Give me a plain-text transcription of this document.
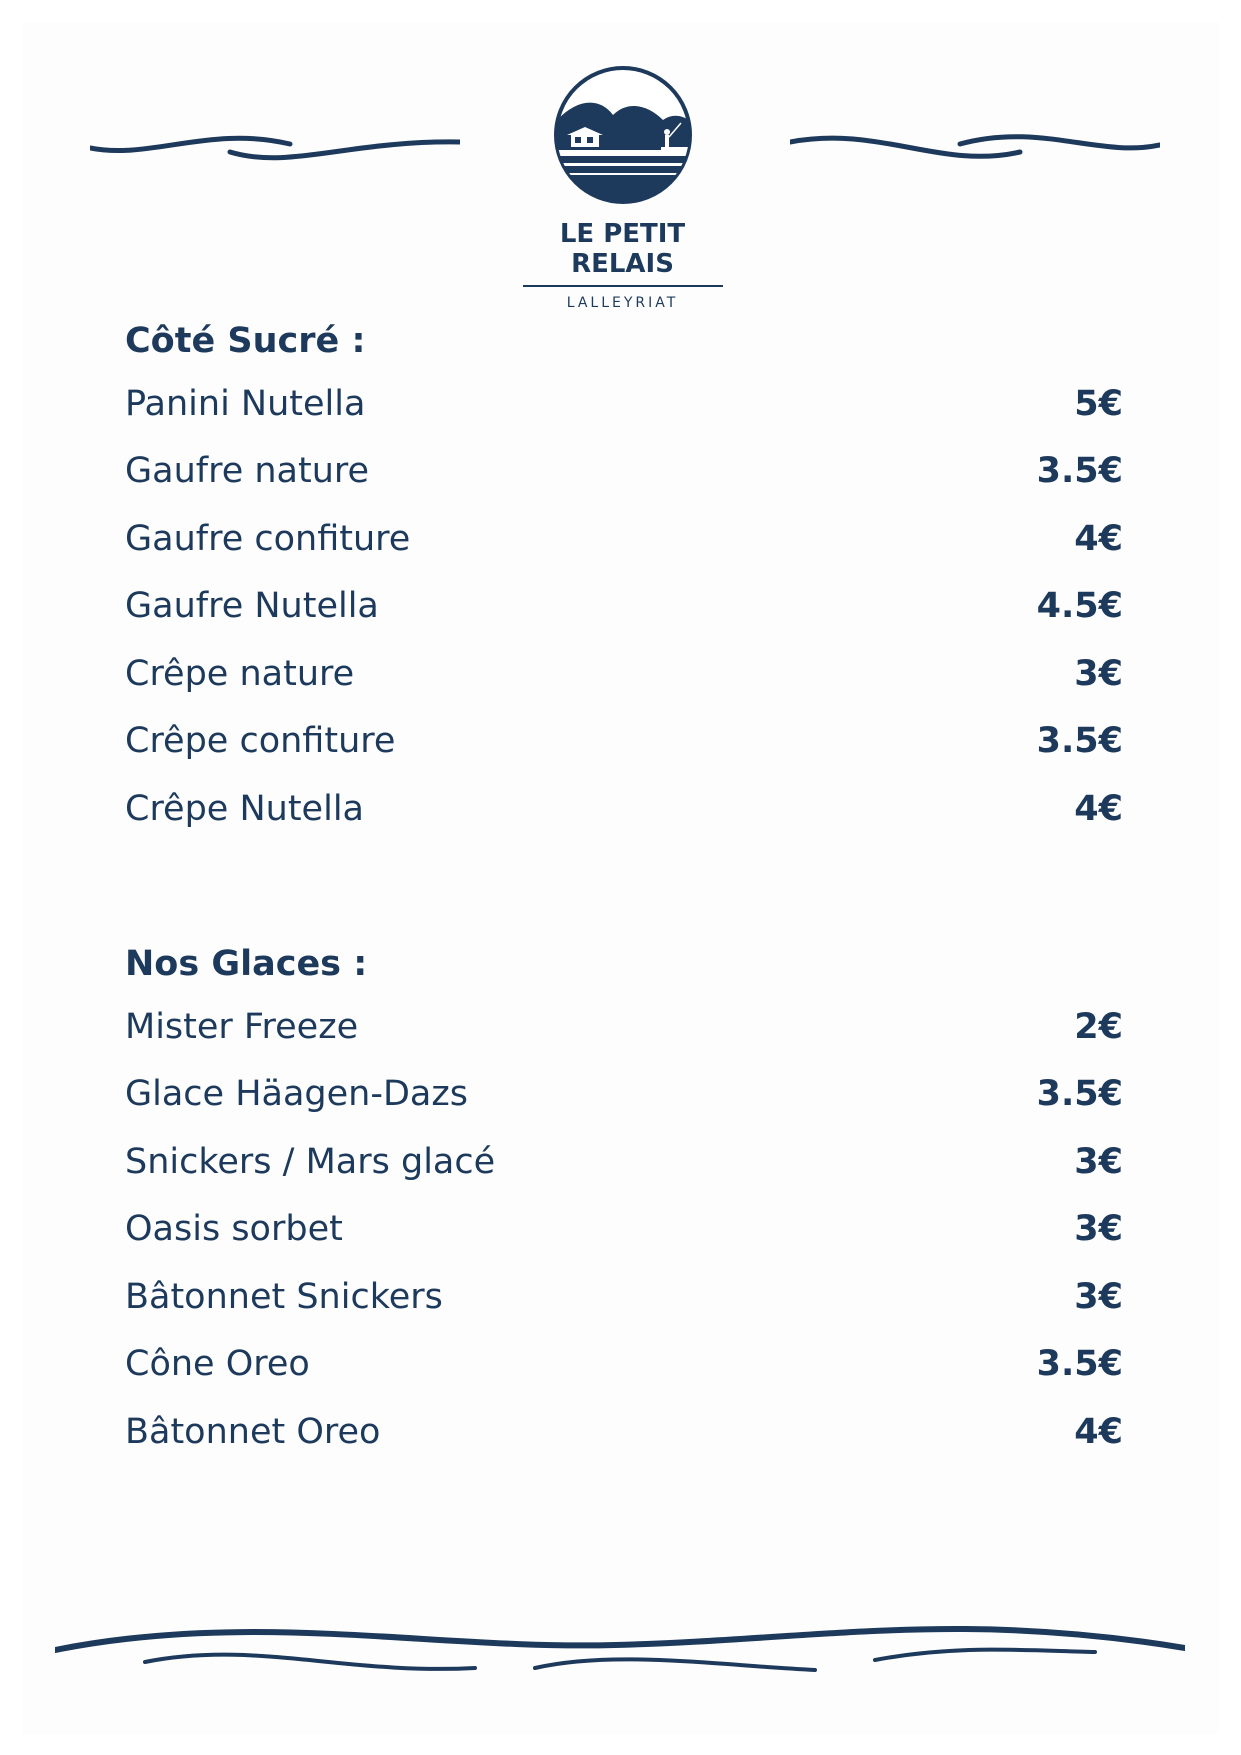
LE PETIT RELAIS
LALLEYRIAT
Côté Sucré :
Panini Nutella	5€
Gaufre nature	3.5€
Gaufre confiture	4€
Gaufre Nutella	4.5€
Crêpe nature	3€
Crêpe confiture	3.5€
Crêpe Nutella	4€
Nos Glaces :
Mister Freeze	2€
Glace Häagen-Dazs	3.5€
Snickers / Mars glacé	3€
Oasis sorbet	3€
Bâtonnet Snickers	3€
Cône Oreo	3.5€
Bâtonnet Oreo	4€
